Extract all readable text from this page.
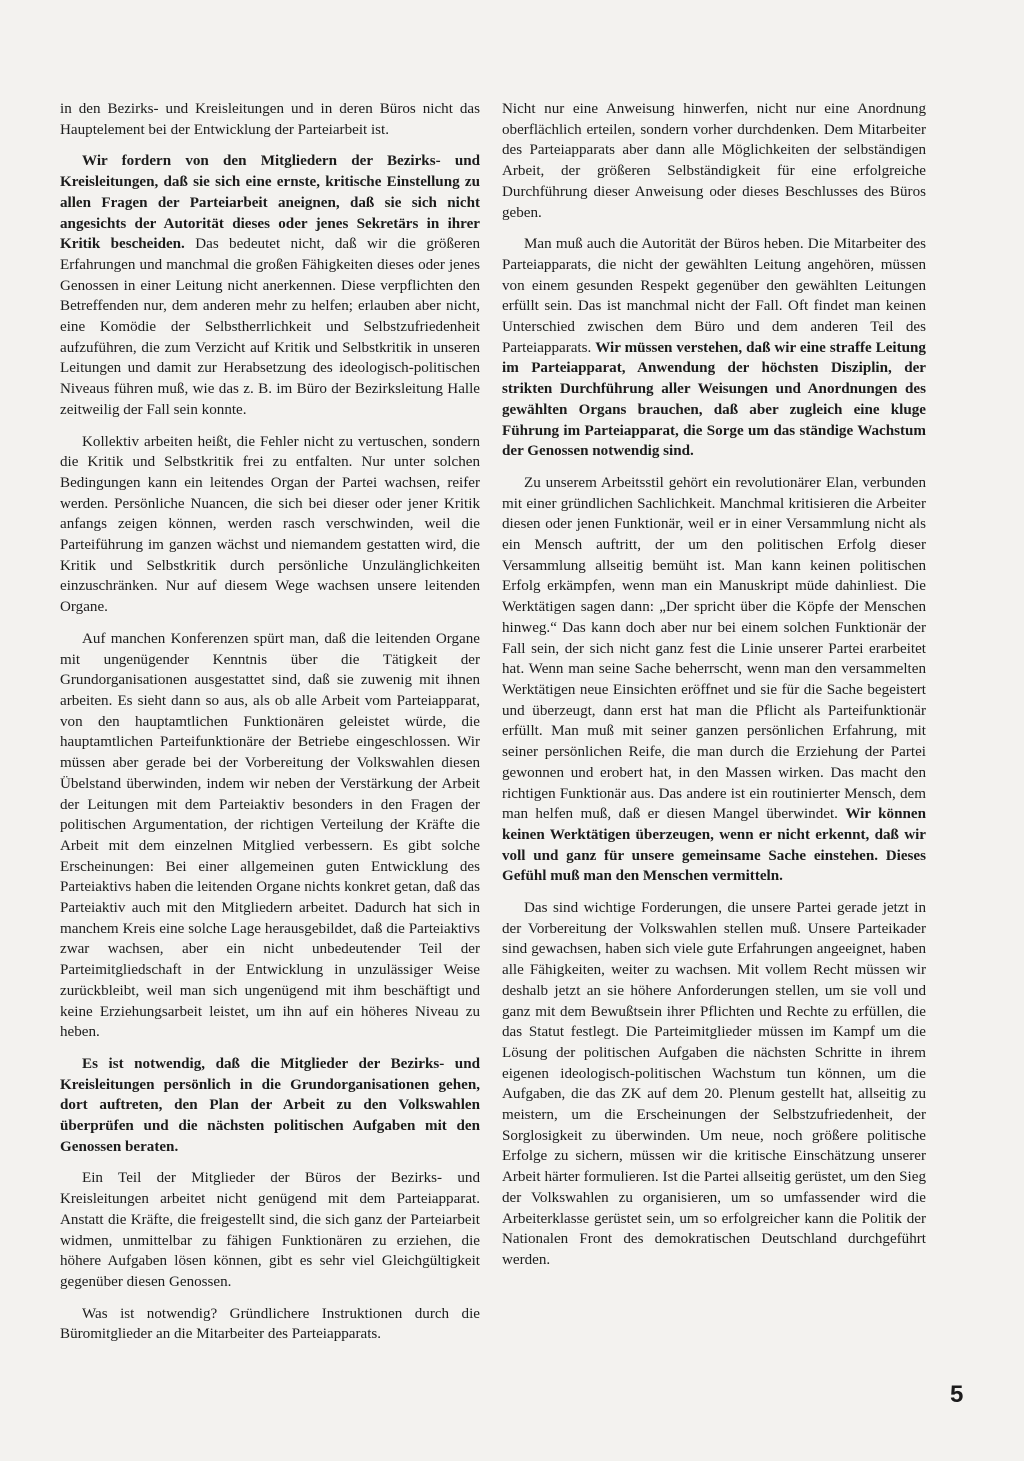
in den Bezirks- und Kreisleitungen und in deren Büros nicht das Hauptelement bei der Entwicklung der Parteiarbeit ist.

Wir fordern von den Mitgliedern der Bezirks- und Kreisleitungen, daß sie sich eine ernste, kritische Einstellung zu allen Fragen der Parteiarbeit aneignen, daß sie sich nicht angesichts der Autorität dieses oder jenes Sekretärs in ihrer Kritik bescheiden. Das bedeutet nicht, daß wir die größeren Erfahrungen und manchmal die großen Fähigkeiten dieses oder jenes Genossen in einer Leitung nicht anerkennen. Diese verpflichten den Betreffenden nur, dem anderen mehr zu helfen; erlauben aber nicht, eine Komödie der Selbstherrlichkeit und Selbstzufriedenheit aufzuführen, die zum Verzicht auf Kritik und Selbstkritik in unseren Leitungen und damit zur Herabsetzung des ideologisch-politischen Niveaus führen muß, wie das z. B. im Büro der Bezirksleitung Halle zeitweilig der Fall sein konnte.

Kollektiv arbeiten heißt, die Fehler nicht zu vertuschen, sondern die Kritik und Selbstkritik frei zu entfalten. Nur unter solchen Bedingungen kann ein leitendes Organ der Partei wachsen, reifer werden. Persönliche Nuancen, die sich bei dieser oder jener Kritik anfangs zeigen können, werden rasch verschwinden, weil die Parteiführung im ganzen wächst und niemandem gestatten wird, die Kritik und Selbstkritik durch persönliche Unzulänglichkeiten einzuschränken. Nur auf diesem Wege wachsen unsere leitenden Organe.

Auf manchen Konferenzen spürt man, daß die leitenden Organe mit ungenügender Kenntnis über die Tätigkeit der Grundorganisationen ausgestattet sind, daß sie zuwenig mit ihnen arbeiten. Es sieht dann so aus, als ob alle Arbeit vom Parteiapparat, von den hauptamtlichen Funktionären geleistet würde, die hauptamtlichen Parteifunktionäre der Betriebe eingeschlossen. Wir müssen aber gerade bei der Vorbereitung der Volkswahlen diesen Übelstand überwinden, indem wir neben der Verstärkung der Arbeit der Leitungen mit dem Parteiaktiv besonders in den Fragen der politischen Argumentation, der richtigen Verteilung der Kräfte die Arbeit mit dem einzelnen Mitglied verbessern. Es gibt solche Erscheinungen: Bei einer allgemeinen guten Entwicklung des Parteiaktivs haben die leitenden Organe nichts konkret getan, daß das Parteiaktiv auch mit den Mitgliedern arbeitet. Dadurch hat sich in manchem Kreis eine solche Lage herausgebildet, daß die Parteiaktivs zwar wachsen, aber ein nicht unbedeutender Teil der Parteimitgliedschaft in der Entwicklung in unzulässiger Weise zurückbleibt, weil man sich ungenügend mit ihm beschäftigt und keine Erziehungsarbeit leistet, um ihn auf ein höheres Niveau zu heben.

Es ist notwendig, daß die Mitglieder der Bezirks- und Kreisleitungen persönlich in die Grundorganisationen gehen, dort auftreten, den Plan der Arbeit zu den Volkswahlen überprüfen und die nächsten politischen Aufgaben mit den Genossen beraten.

Ein Teil der Mitglieder der Büros der Bezirks- und Kreisleitungen arbeitet nicht genügend mit dem Parteiapparat. Anstatt die Kräfte, die freigestellt sind, die sich ganz der Parteiarbeit widmen, unmittelbar zu fähigen Funktionären zu erziehen, die höhere Aufgaben lösen können, gibt es sehr viel Gleichgültigkeit gegenüber diesen Genossen.

Was ist notwendig? Gründlichere Instruktionen durch die Büromitglieder an die Mitarbeiter des Parteiapparats.

Nicht nur eine Anweisung hinwerfen, nicht nur eine Anordnung oberflächlich erteilen, sondern vorher durchdenken. Dem Mitarbeiter des Parteiapparats aber dann alle Möglichkeiten der selbständigen Arbeit, der größeren Selbständigkeit für eine erfolgreiche Durchführung dieser Anweisung oder dieses Beschlusses des Büros geben.

Man muß auch die Autorität der Büros heben. Die Mitarbeiter des Parteiapparats, die nicht der gewählten Leitung angehören, müssen von einem gesunden Respekt gegenüber den gewählten Leitungen erfüllt sein. Das ist manchmal nicht der Fall. Oft findet man keinen Unterschied zwischen dem Büro und dem anderen Teil des Parteiapparats. Wir müssen verstehen, daß wir eine straffe Leitung im Parteiapparat, Anwendung der höchsten Disziplin, der strikten Durchführung aller Weisungen und Anordnungen des gewählten Organs brauchen, daß aber zugleich eine kluge Führung im Parteiapparat, die Sorge um das ständige Wachstum der Genossen notwendig sind.

Zu unserem Arbeitsstil gehört ein revolutionärer Elan, verbunden mit einer gründlichen Sachlichkeit. Manchmal kritisieren die Arbeiter diesen oder jenen Funktionär, weil er in einer Versammlung nicht als ein Mensch auftritt, der um den politischen Erfolg dieser Versammlung allseitig bemüht ist. Man kann keinen politischen Erfolg erkämpfen, wenn man ein Manuskript müde dahinliest. Die Werktätigen sagen dann: „Der spricht über die Köpfe der Menschen hinweg.“ Das kann doch aber nur bei einem solchen Funktionär der Fall sein, der sich nicht ganz fest die Linie unserer Partei erarbeitet hat. Wenn man seine Sache beherrscht, wenn man den versammelten Werktätigen neue Einsichten eröffnet und sie für die Sache begeistert und überzeugt, dann erst hat man die Pflicht als Parteifunktionär erfüllt. Man muß mit seiner ganzen persönlichen Erfahrung, mit seiner persönlichen Reife, die man durch die Erziehung der Partei gewonnen und erobert hat, in den Massen wirken. Das macht den richtigen Funktionär aus. Das andere ist ein routinierter Mensch, dem man helfen muß, daß er diesen Mangel überwindet. Wir können keinen Werktätigen überzeugen, wenn er nicht erkennt, daß wir voll und ganz für unsere gemeinsame Sache einstehen. Dieses Gefühl muß man den Menschen vermitteln.

Das sind wichtige Forderungen, die unsere Partei gerade jetzt in der Vorbereitung der Volkswahlen stellen muß. Unsere Parteikader sind gewachsen, haben sich viele gute Erfahrungen angeeignet, haben alle Fähigkeiten, weiter zu wachsen. Mit vollem Recht müssen wir deshalb jetzt an sie höhere Anforderungen stellen, um sie voll und ganz mit dem Bewußtsein ihrer Pflichten und Rechte zu erfüllen, die das Statut festlegt. Die Parteimitglieder müssen im Kampf um die Lösung der politischen Aufgaben die nächsten Schritte in ihrem eigenen ideologisch-politischen Wachstum tun können, um die Aufgaben, die das ZK auf dem 20. Plenum gestellt hat, allseitig zu meistern, um die Erscheinungen der Selbstzufriedenheit, der Sorglosigkeit zu überwinden. Um neue, noch größere politische Erfolge zu sichern, müssen wir die kritische Einschätzung unserer Arbeit härter formulieren. Ist die Partei allseitig gerüstet, um den Sieg der Volkswahlen zu organisieren, um so umfassender wird die Arbeiterklasse gerüstet sein, um so erfolgreicher kann die Politik der Nationalen Front des demokratischen Deutschland durchgeführt werden.

5
